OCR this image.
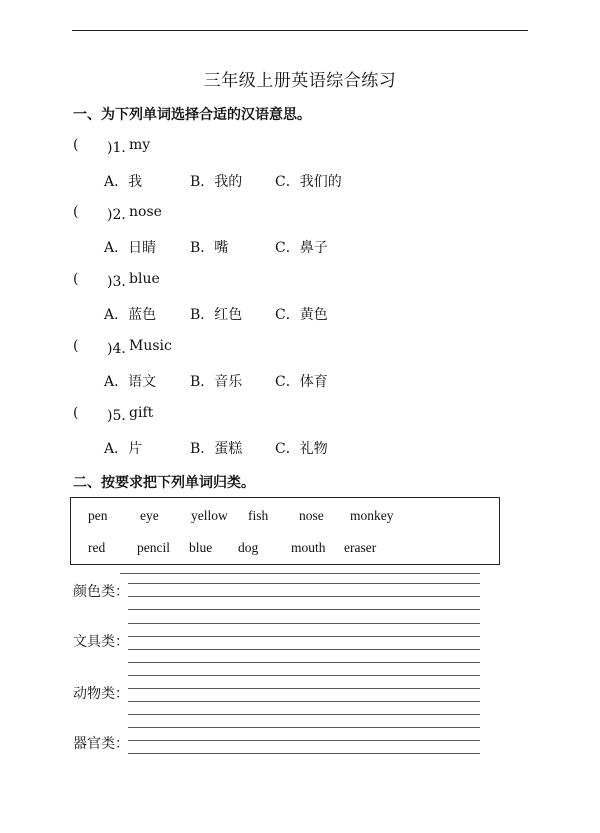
三年级上册英语综合练习
一、为下列单词选择合适的汉语意思。

(

)1．

my

A．我	B．我的 C．我们的

(

)2．

nose

A．日睛 B．嘴	C．鼻子

(

)3．

blue

A．蓝色 B．红色 C．黄色

(

)4．

Music

A．语文 B．音乐 C．体育

(

)5．

gift

A．片	B．蛋糕 C．礼物
二、按要求把下列单词归类。
pen eye yellow fish nose monkey
red pencil blue dog mouth eraser
颜色类：
文具类：
动物类：
器官类：
